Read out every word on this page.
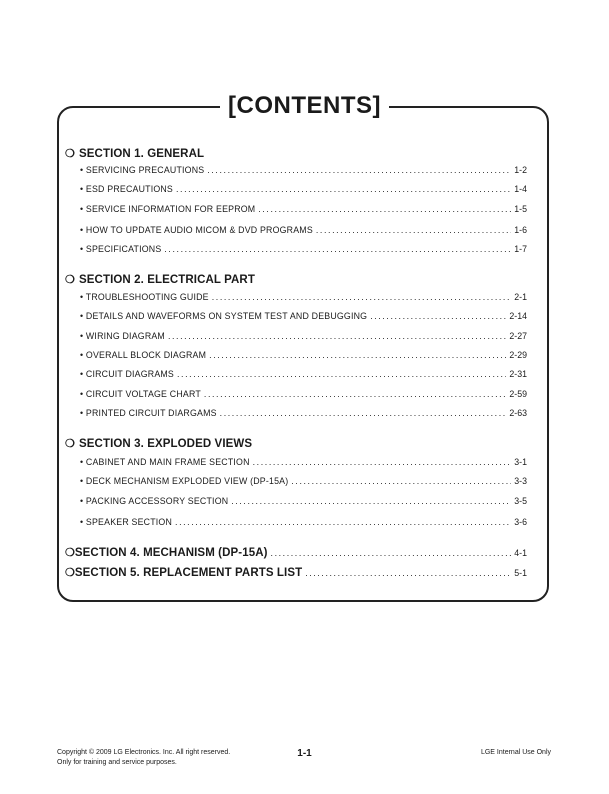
[CONTENTS]
❍ SECTION 1. GENERAL
• SERVICING PRECAUTIONS .....	1-2
• ESD PRECAUTIONS .....	1-4
• SERVICE INFORMATION FOR EEPROM .....	1-5
• HOW TO UPDATE AUDIO MICOM & DVD PROGRAMS .....	1-6
• SPECIFICATIONS .....	1-7
❍ SECTION 2. ELECTRICAL PART
• TROUBLESHOOTING GUIDE .....	2-1
• DETAILS AND WAVEFORMS ON SYSTEM TEST AND DEBUGGING .....	2-14
• WIRING DIAGRAM .....	2-27
• OVERALL BLOCK DIAGRAM .....	2-29
• CIRCUIT DIAGRAMS .....	2-31
• CIRCUIT VOLTAGE CHART .....	2-59
• PRINTED CIRCUIT DIARGAMS .....	2-63
❍ SECTION 3. EXPLODED VIEWS
• CABINET AND MAIN FRAME SECTION .....	3-1
• DECK MECHANISM EXPLODED VIEW (DP-15A) .....	3-3
• PACKING ACCESSORY SECTION .....	3-5
• SPEAKER SECTION .....	3-6
❍ SECTION 4. MECHANISM (DP-15A) .....	4-1
❍ SECTION 5. REPLACEMENT PARTS LIST .....	5-1
Copyright © 2009 LG Electronics. Inc. All right reserved.
Only for training and service purposes.
1-1	LGE Internal Use Only
